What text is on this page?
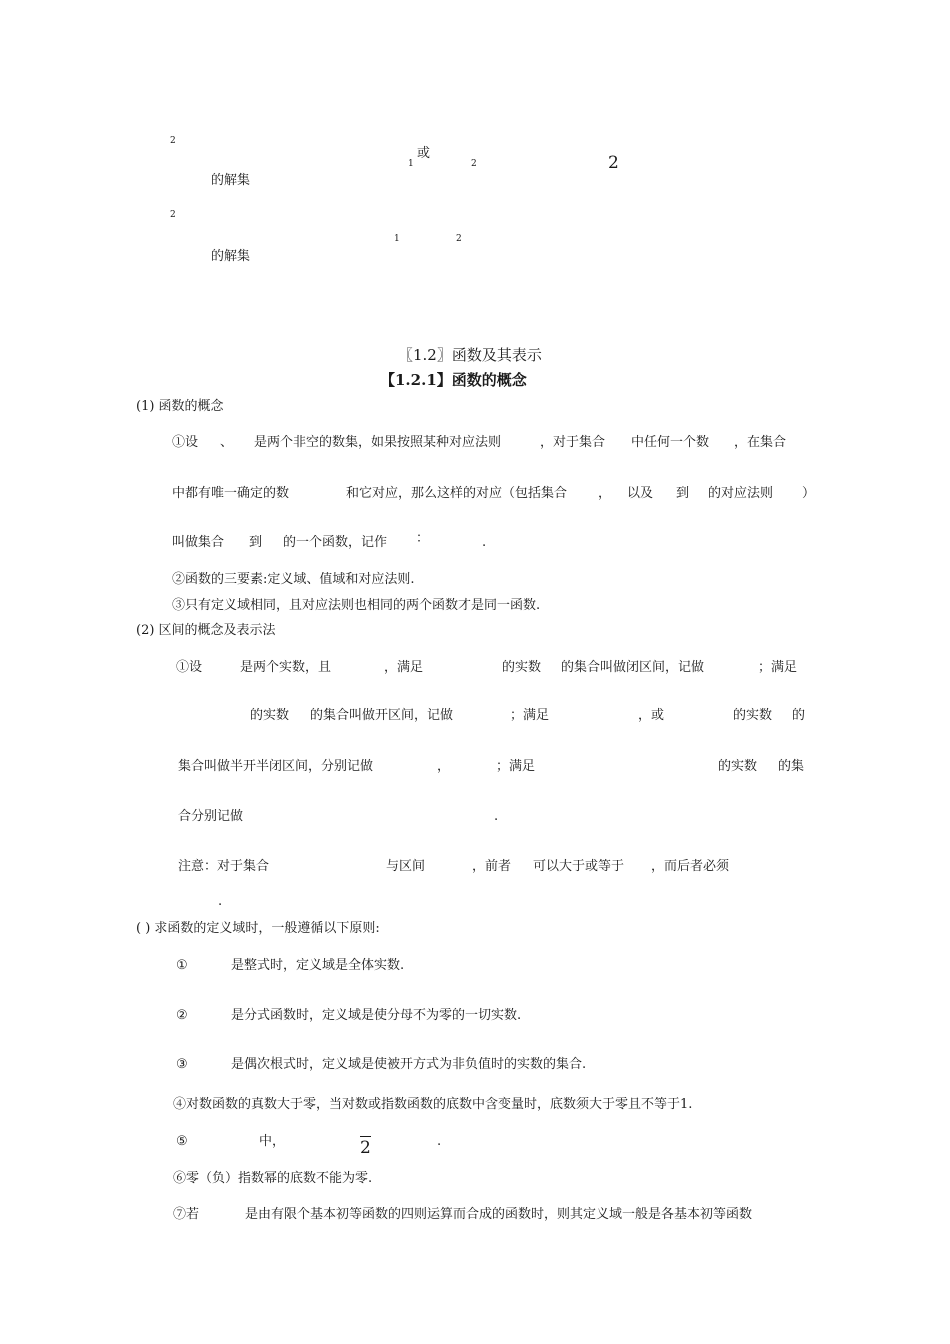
2
或
1	2	2
的解集
2
1	2
的解集
〖1.2〗函数及其表示
【1.2.1】函数的概念
(1) 函数的概念
①设 、 是两个非空的数集，如果按照某种对应法则	，对于集合 中任何一个数 ，在集合
中都有唯一确定的数	和它对应，那么这样的对应（包括集合 ， 以及 到 的对应法则 ）
叫做集合 到 的一个函数，记作 ：	.
②函数的三要素:定义域、值域和对应法则.
③只有定义域相同，且对应法则也相同的两个函数才是同一函数.
(2) 区间的概念及表示法
①设	是两个实数，且	，满足	的实数 的集合叫做闭区间，记做	；满足
的实数 的集合叫做开区间，记做	；满足	，或	的实数 的
集合叫做半开半闭区间，分别记做	，	；满足	的实数 的集
合分别记做	.
注意：对于集合	与区间	，前者 可以大于或等于 ，而后者必须
.
( ) 求函数的定义域时，一般遵循以下原则:
①	是整式时，定义域是全体实数.
②	是分式函数时，定义域是使分母不为零的一切实数.
③	是偶次根式时，定义域是使被开方式为非负值时的实数的集合.
④对数函数的真数大于零，当对数或指数函数的底数中含变量时，底数须大于零且不等于1.
⑤	中，	2	.
⑥零（负）指数幂的底数不能为零.
⑦若	是由有限个基本初等函数的四则运算而合成的函数时，则其定义域一般是各基本初等函数
